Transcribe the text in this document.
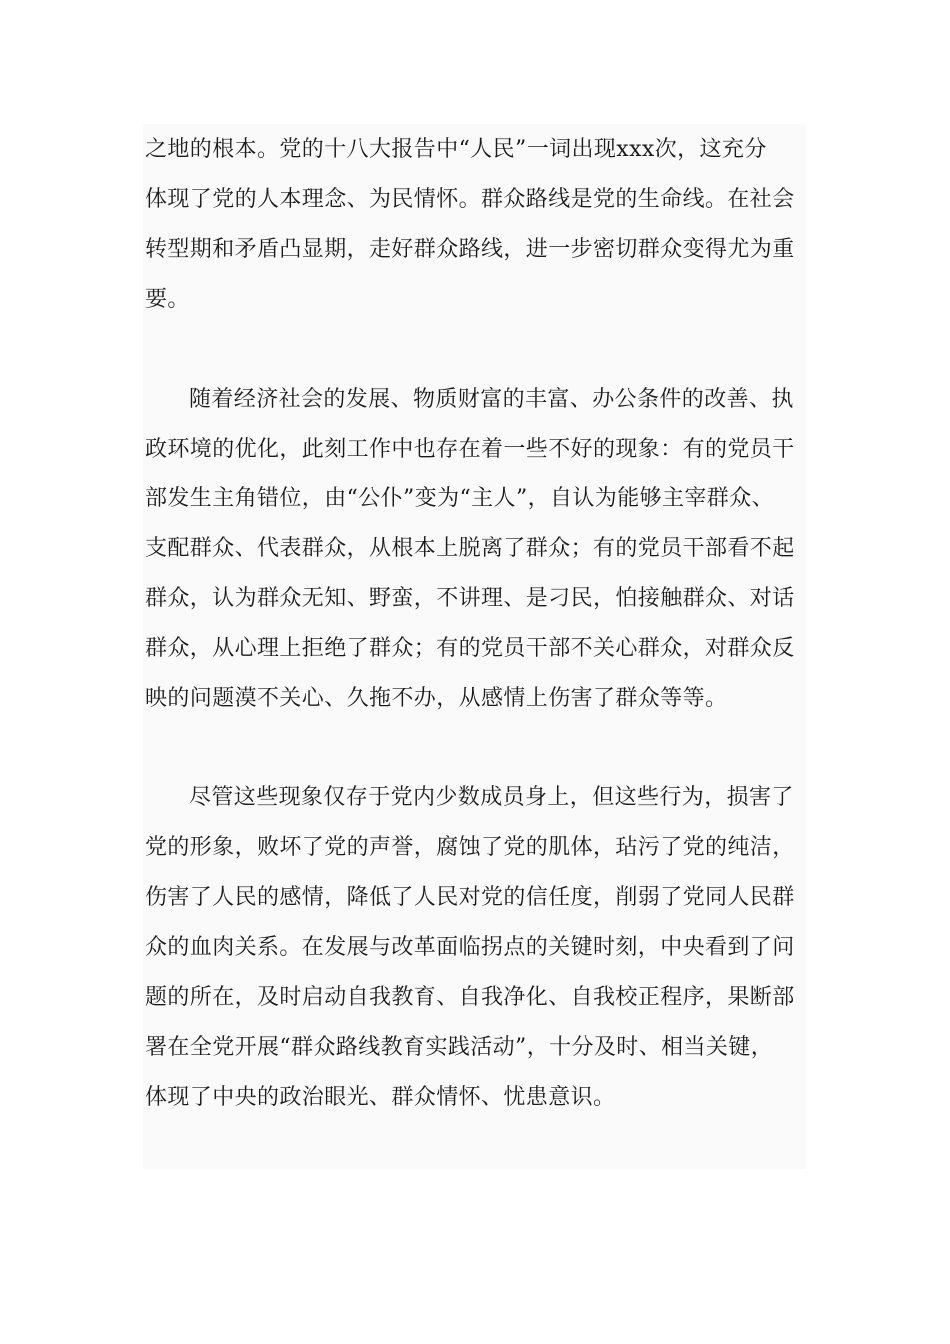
之地的根本。党的十八大报告中“人民”一词出现xxx次，这充分
体现了党的人本理念、为民情怀。群众路线是党的生命线。在社会
转型期和矛盾凸显期，走好群众路线，进一步密切群众变得尤为重
要。
随着经济社会的发展、物质财富的丰富、办公条件的改善、执
政环境的优化，此刻工作中也存在着一些不好的现象：有的党员干
部发生主角错位，由“公仆”变为“主人”，自认为能够主宰群众、
支配群众、代表群众，从根本上脱离了群众；有的党员干部看不起
群众，认为群众无知、野蛮，不讲理、是刁民，怕接触群众、对话
群众，从心理上拒绝了群众；有的党员干部不关心群众，对群众反
映的问题漠不关心、久拖不办，从感情上伤害了群众等等。
尽管这些现象仅存于党内少数成员身上，但这些行为，损害了
党的形象，败坏了党的声誉，腐蚀了党的肌体，玷污了党的纯洁，
伤害了人民的感情，降低了人民对党的信任度，削弱了党同人民群
众的血肉关系。在发展与改革面临拐点的关键时刻，中央看到了问
题的所在，及时启动自我教育、自我净化、自我校正程序，果断部
署在全党开展“群众路线教育实践活动”，十分及时、相当关键，
体现了中央的政治眼光、群众情怀、忧患意识。
